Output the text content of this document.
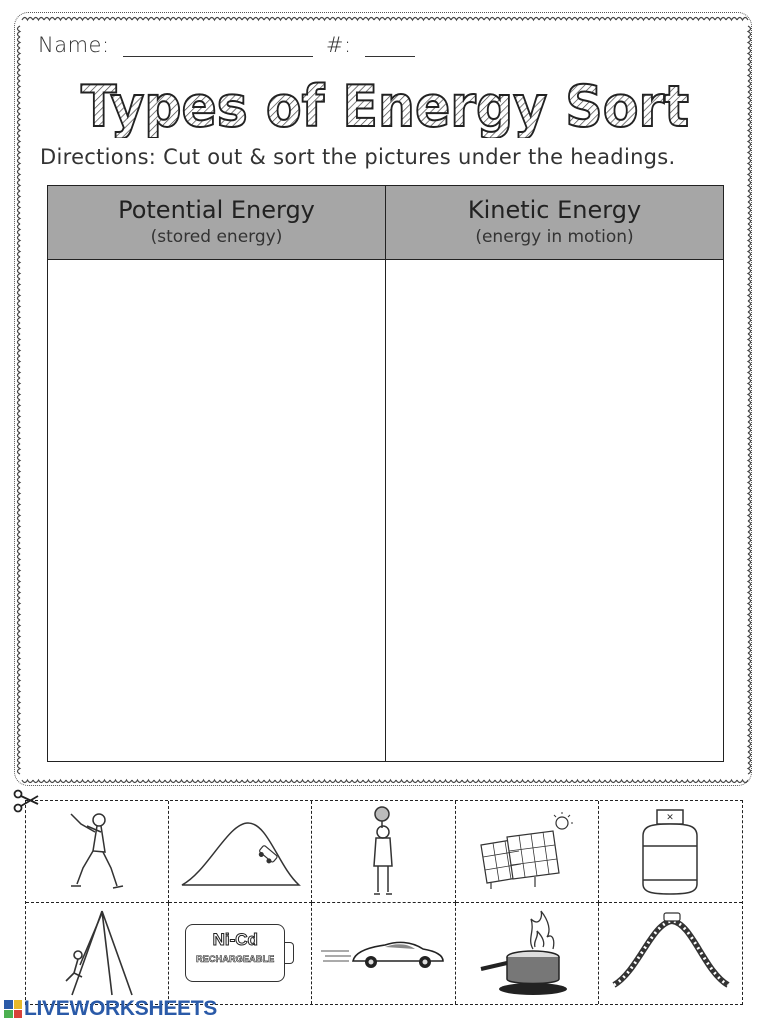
Name:	#:
Types of Energy Sort
Directions: Cut out & sort the pictures under the headings.
Potential Energy
(stored energy)
Kinetic Energy
(energy in motion)
✕
Ni-Cd
RECHARGEABLE
LIVEWORKSHEETS
